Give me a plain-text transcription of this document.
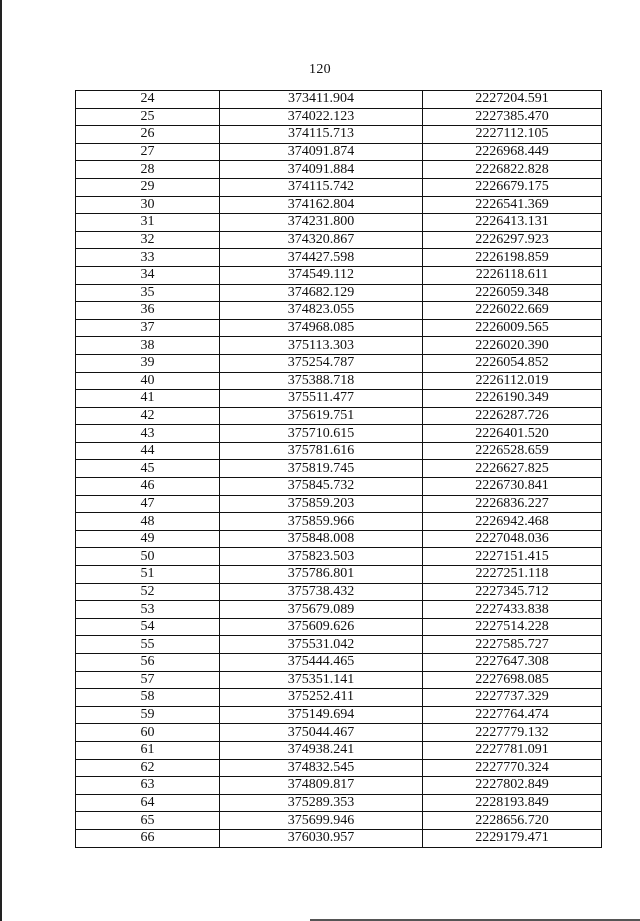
120
24	373411.904	2227204.591
25	374022.123	2227385.470
26	374115.713	2227112.105
27	374091.874	2226968.449
28	374091.884	2226822.828
29	374115.742	2226679.175
30	374162.804	2226541.369
31	374231.800	2226413.131
32	374320.867	2226297.923
33	374427.598	2226198.859
34	374549.112	2226118.611
35	374682.129	2226059.348
36	374823.055	2226022.669
37	374968.085	2226009.565
38	375113.303	2226020.390
39	375254.787	2226054.852
40	375388.718	2226112.019
41	375511.477	2226190.349
42	375619.751	2226287.726
43	375710.615	2226401.520
44	375781.616	2226528.659
45	375819.745	2226627.825
46	375845.732	2226730.841
47	375859.203	2226836.227
48	375859.966	2226942.468
49	375848.008	2227048.036
50	375823.503	2227151.415
51	375786.801	2227251.118
52	375738.432	2227345.712
53	375679.089	2227433.838
54	375609.626	2227514.228
55	375531.042	2227585.727
56	375444.465	2227647.308
57	375351.141	2227698.085
58	375252.411	2227737.329
59	375149.694	2227764.474
60	375044.467	2227779.132
61	374938.241	2227781.091
62	374832.545	2227770.324
63	374809.817	2227802.849
64	375289.353	2228193.849
65	375699.946	2228656.720
66	376030.957	2229179.471
